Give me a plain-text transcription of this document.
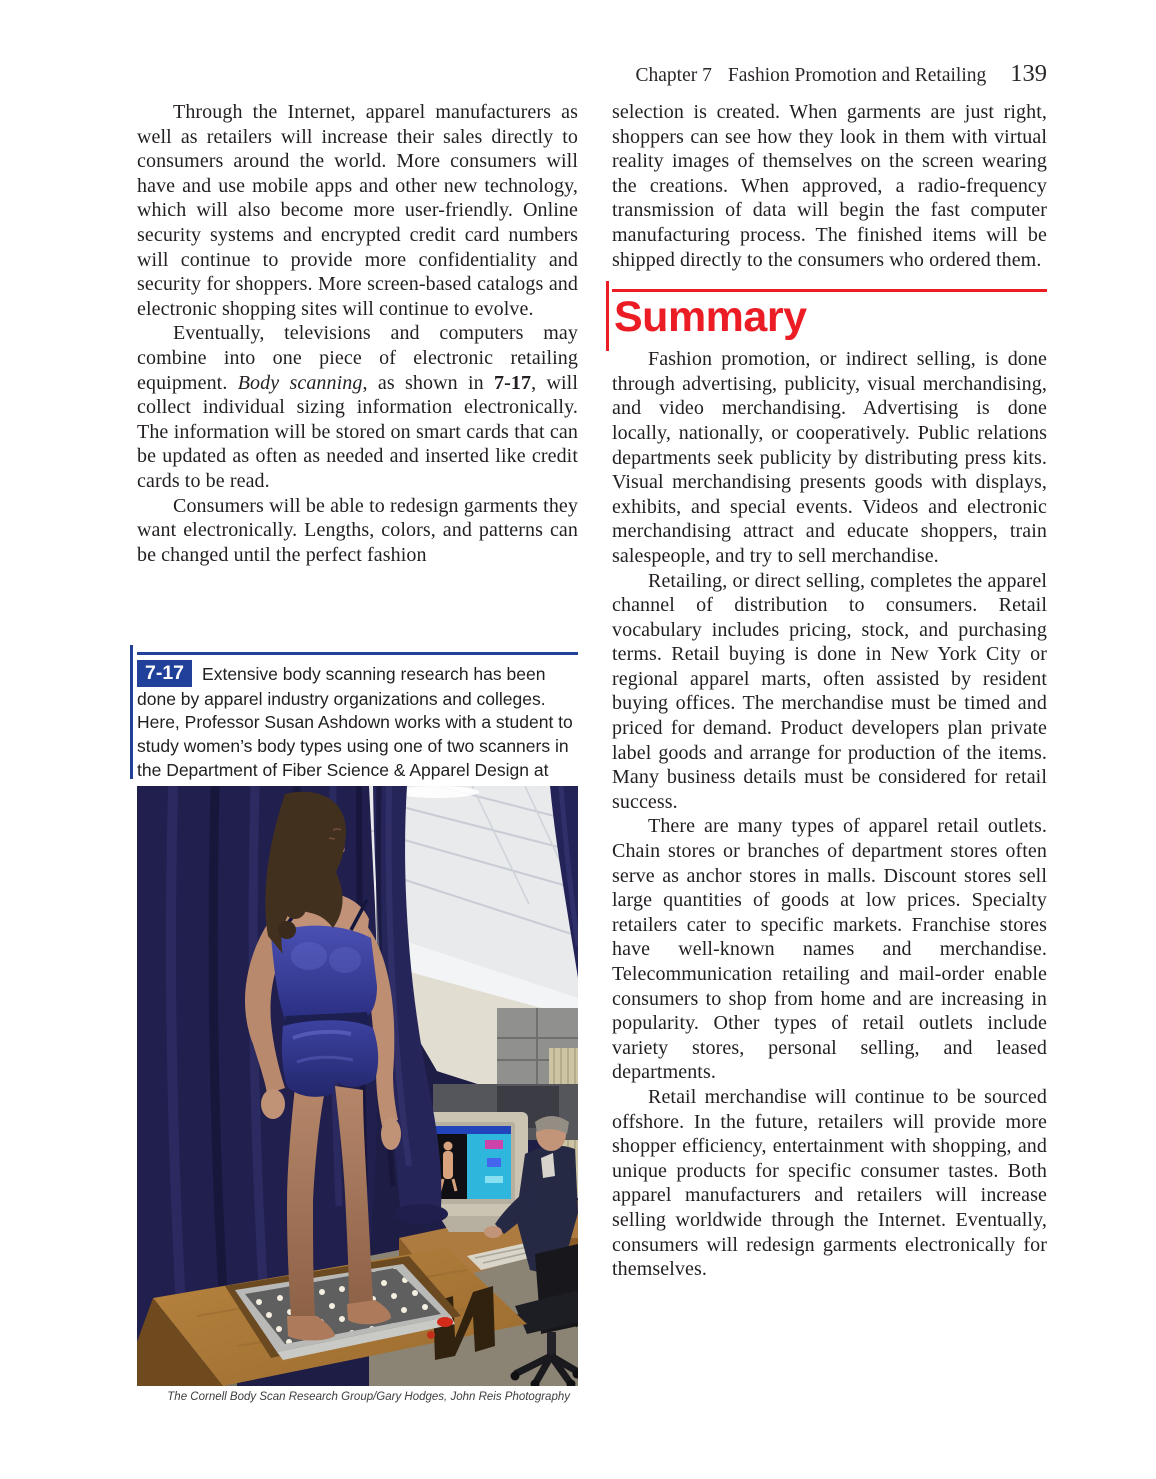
Chapter 7 Fashion Promotion and Retailing 139

Through the Internet, apparel manufacturers as well as retailers will increase their sales directly to consumers around the world. More consumers will have and use mobile apps and other new technology, which will also become more user-friendly. Online security systems and encrypted credit card numbers will continue to provide more confidentiality and security for shoppers. More screen-based catalogs and electronic shopping sites will continue to evolve.

Eventually, televisions and computers may combine into one piece of electronic retailing equipment. Body scanning, as shown in 7-17, will collect individual sizing information electronically. The information will be stored on smart cards that can be updated as often as needed and inserted like credit cards to be read.

Consumers will be able to redesign garments they want electronically. Lengths, colors, and patterns can be changed until the perfect fashion

7-17 Extensive body scanning research has been done by apparel industry organizations and colleges. Here, Professor Susan Ashdown works with a student to study women’s body types using one of two scanners in the Department of Fiber Science & Apparel Design at
The Cornell Body Scan Research Group/Gary Hodges, John Reis Photography

selection is created. When garments are just right, shoppers can see how they look in them with virtual reality images of themselves on the screen wearing the creations. When approved, a radio-frequency transmission of data will begin the fast computer manufacturing process. The finished items will be shipped directly to the consumers who ordered them.

Summary

Fashion promotion, or indirect selling, is done through advertising, publicity, visual merchandising, and video merchandising. Advertising is done locally, nationally, or cooperatively. Public relations departments seek publicity by distributing press kits. Visual merchandising presents goods with displays, exhibits, and special events. Videos and electronic merchandising attract and educate shoppers, train salespeople, and try to sell merchandise.

Retailing, or direct selling, completes the apparel channel of distribution to consumers. Retail vocabulary includes pricing, stock, and purchasing terms. Retail buying is done in New York City or regional apparel marts, often assisted by resident buying offices. The merchandise must be timed and priced for demand. Product developers plan private label goods and arrange for production of the items. Many business details must be considered for retail success.

There are many types of apparel retail outlets. Chain stores or branches of department stores often serve as anchor stores in malls. Discount stores sell large quantities of goods at low prices. Specialty retailers cater to specific markets. Franchise stores have well-known names and merchandise. Telecommunication retailing and mail-order enable consumers to shop from home and are increasing in popularity. Other types of retail outlets include variety stores, personal selling, and leased departments.

Retail merchandise will continue to be sourced offshore. In the future, retailers will provide more shopper efficiency, entertainment with shopping, and unique products for specific consumer tastes. Both apparel manufacturers and retailers will increase selling worldwide through the Internet. Eventually, consumers will redesign garments electronically for themselves.
